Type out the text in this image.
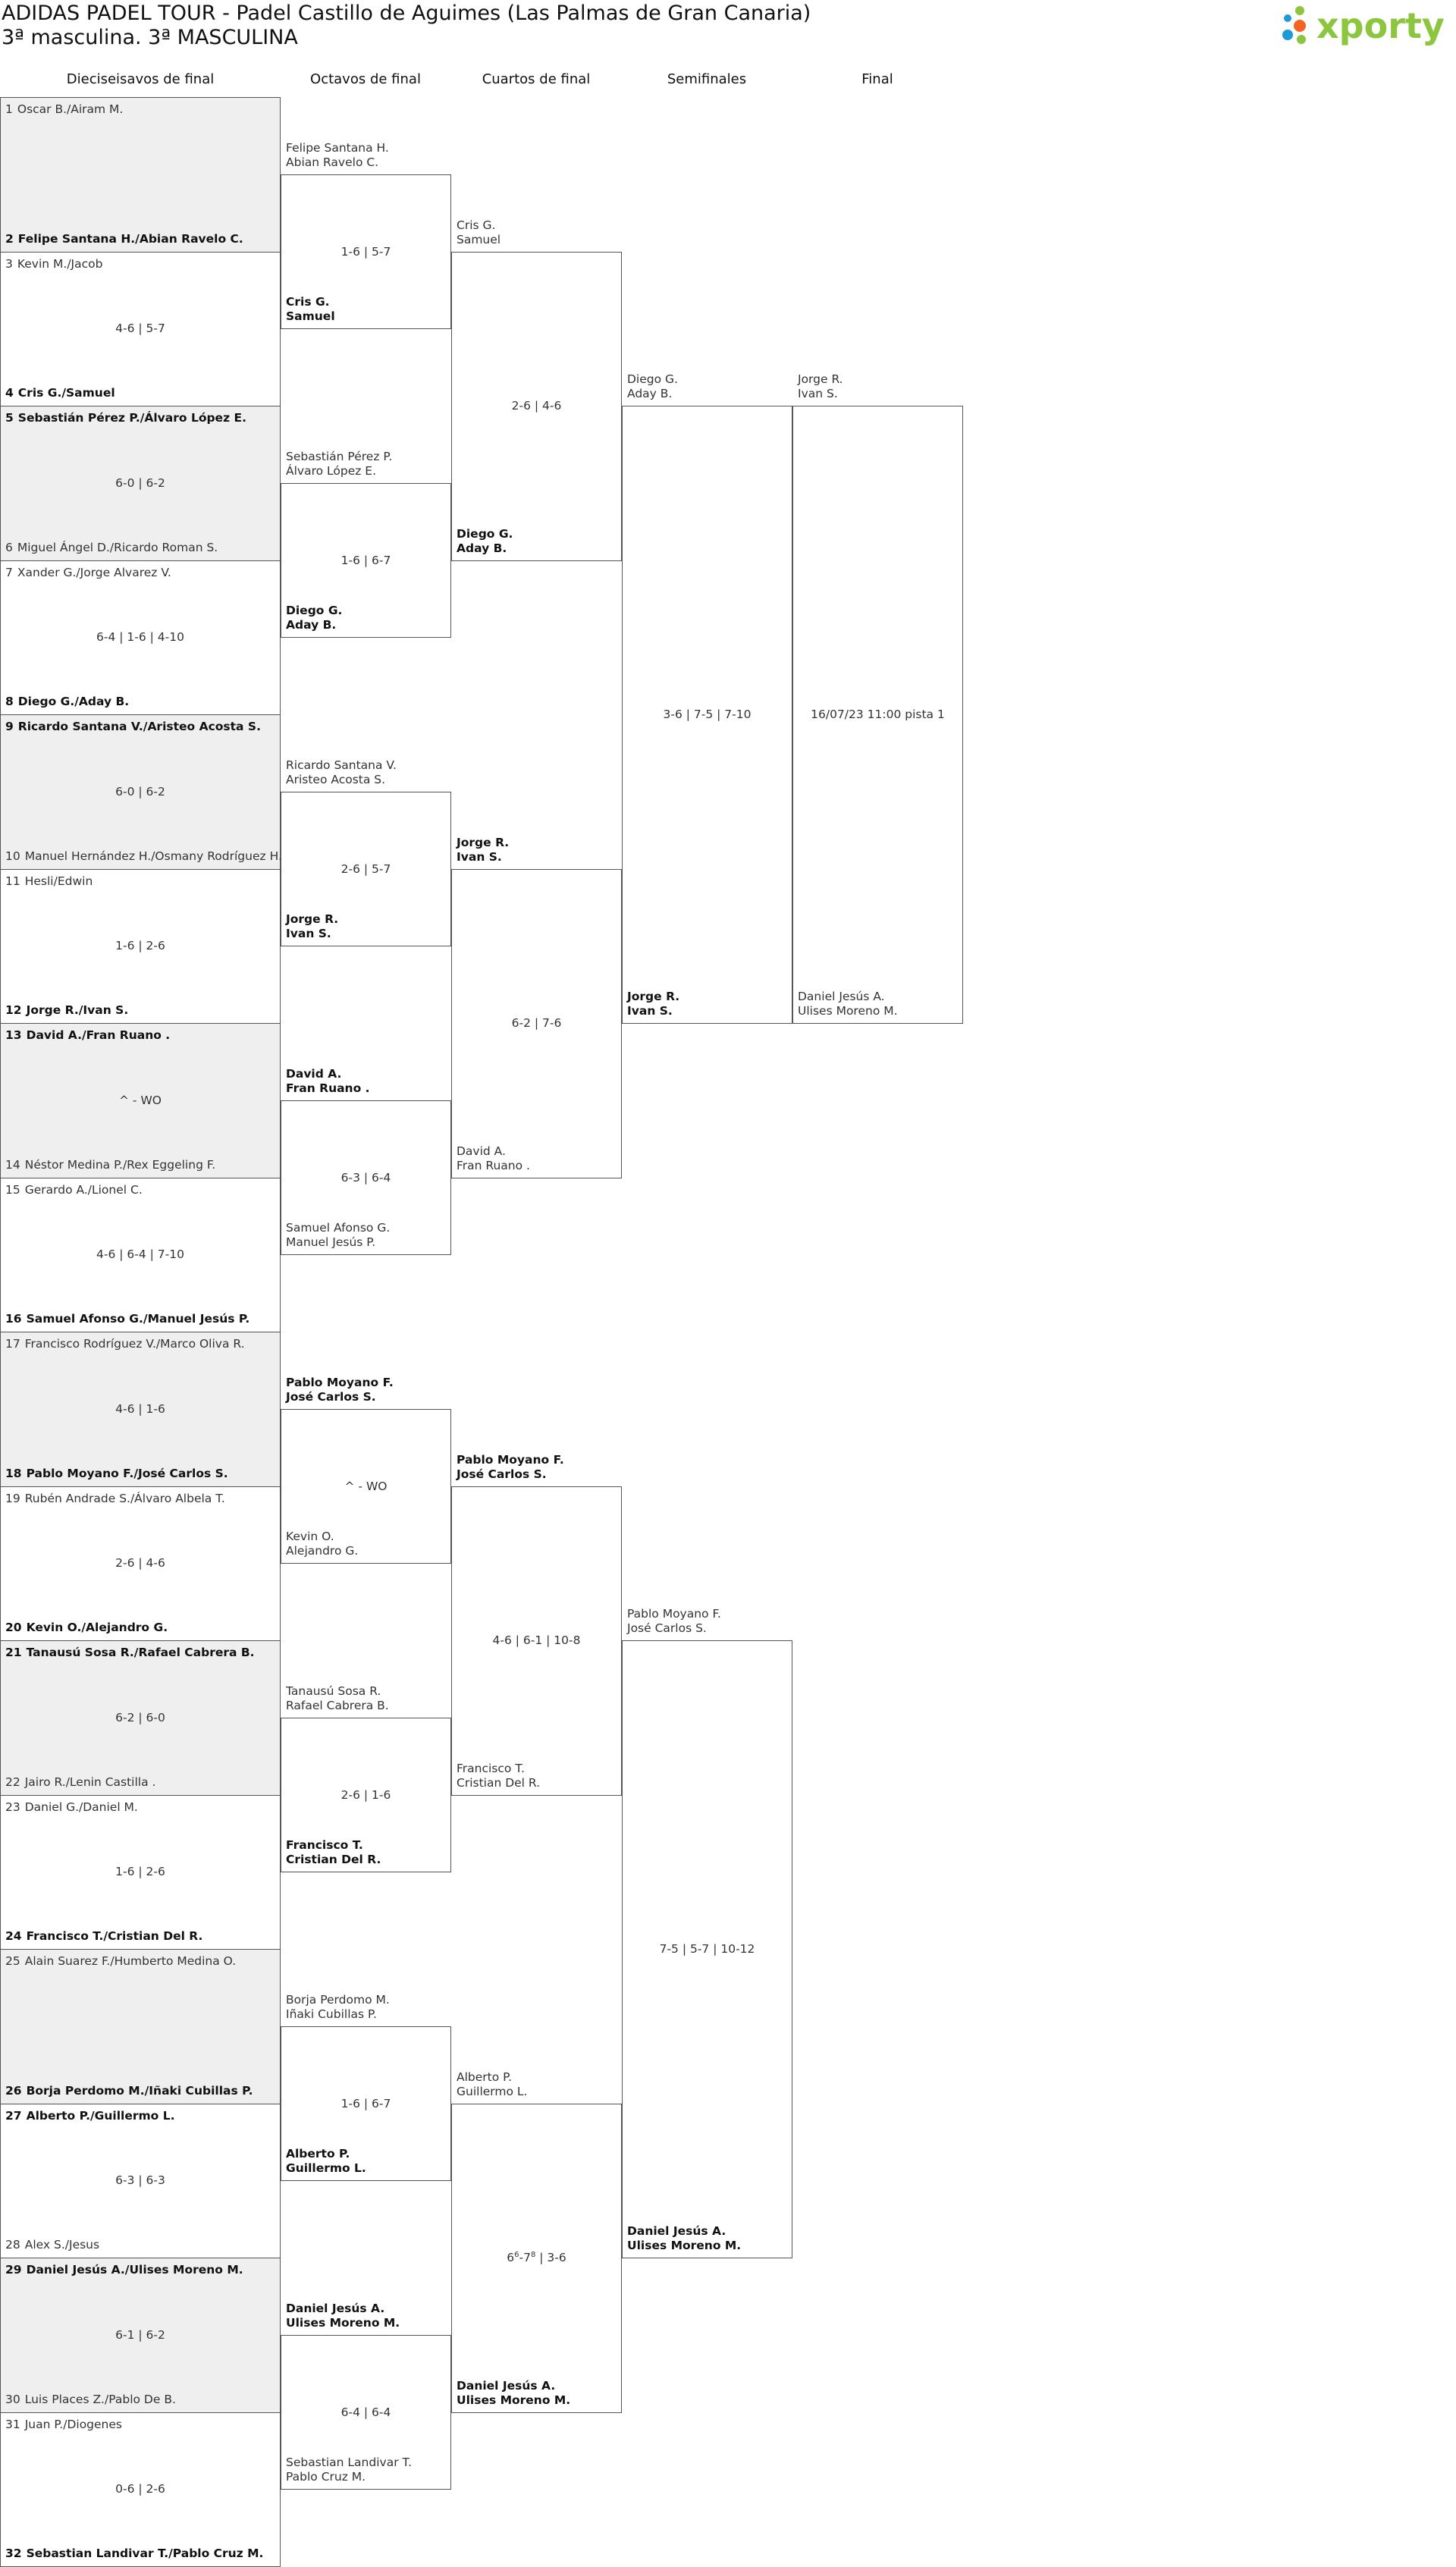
ADIDAS PADEL TOUR - Padel Castillo de Aguimes (Las Palmas de Gran Canaria)
3ª masculina. 3ª MASCULINA	xporty
Dieciseisavos de final	Octavos de final	Cuartos de final	Semifinales	Final
1 Oscar B./Airam M.
2 Felipe Santana H./Abian Ravelo C.
3 Kevin M./Jacob
4 Cris G./Samuel
4-6 | 5-7
5 Sebastián Pérez P./Álvaro López E.
6 Miguel Ángel D./Ricardo Roman S.
6-0 | 6-2
7 Xander G./Jorge Alvarez V.
8 Diego G./Aday B.
6-4 | 1-6 | 4-10
9 Ricardo Santana V./Aristeo Acosta S.
10 Manuel Hernández H./Osmany Rodríguez H.
6-0 | 6-2
11 Hesli/Edwin
12 Jorge R./Ivan S.
1-6 | 2-6
13 David A./Fran Ruano .
14 Néstor Medina P./Rex Eggeling F.
^ - WO
15 Gerardo A./Lionel C.
16 Samuel Afonso G./Manuel Jesús P.
4-6 | 6-4 | 7-10
17 Francisco Rodríguez V./Marco Oliva R.
18 Pablo Moyano F./José Carlos S.
4-6 | 1-6
19 Rubén Andrade S./Álvaro Albela T.
20 Kevin O./Alejandro G.
2-6 | 4-6
21 Tanausú Sosa R./Rafael Cabrera B.
22 Jairo R./Lenin Castilla .
6-2 | 6-0
23 Daniel G./Daniel M.
24 Francisco T./Cristian Del R.
1-6 | 2-6
25 Alain Suarez F./Humberto Medina O.
26 Borja Perdomo M./Iñaki Cubillas P.
27 Alberto P./Guillermo L.
28 Alex S./Jesus
6-3 | 6-3
29 Daniel Jesús A./Ulises Moreno M.
30 Luis Places Z./Pablo De B.
6-1 | 6-2
31 Juan P./Diogenes
32 Sebastian Landivar T./Pablo Cruz M.
0-6 | 2-6
Felipe Santana H.
Abian Ravelo C.
Cris G.
Samuel
1-6 | 5-7
Sebastián Pérez P.
Álvaro López E.
Diego G.
Aday B.
1-6 | 6-7
Ricardo Santana V.
Aristeo Acosta S.
Jorge R.
Ivan S.
2-6 | 5-7
David A.
Fran Ruano .
Samuel Afonso G.
Manuel Jesús P.
6-3 | 6-4
Pablo Moyano F.
José Carlos S.
Kevin O.
Alejandro G.
^ - WO
Tanausú Sosa R.
Rafael Cabrera B.
Francisco T.
Cristian Del R.
2-6 | 1-6
Borja Perdomo M.
Iñaki Cubillas P.
Alberto P.
Guillermo L.
1-6 | 6-7
Daniel Jesús A.
Ulises Moreno M.
Sebastian Landivar T.
Pablo Cruz M.
6-4 | 6-4
Cris G.
Samuel
Diego G.
Aday B.
2-6 | 4-6
Jorge R.
Ivan S.
David A.
Fran Ruano .
6-2 | 7-6
Pablo Moyano F.
José Carlos S.
Francisco T.
Cristian Del R.
4-6 | 6-1 | 10-8
Alberto P.
Guillermo L.
Daniel Jesús A.
Ulises Moreno M.
$6^6-7^8$ | 3-6
Diego G.
Aday B.
Jorge R.
Ivan S.
3-6 | 7-5 | 7-10
Pablo Moyano F.
José Carlos S.
Daniel Jesús A.
Ulises Moreno M.
7-5 | 5-7 | 10-12
Jorge R.
Ivan S.
Daniel Jesús A.
Ulises Moreno M.
16/07/23 11:00 pista 1
